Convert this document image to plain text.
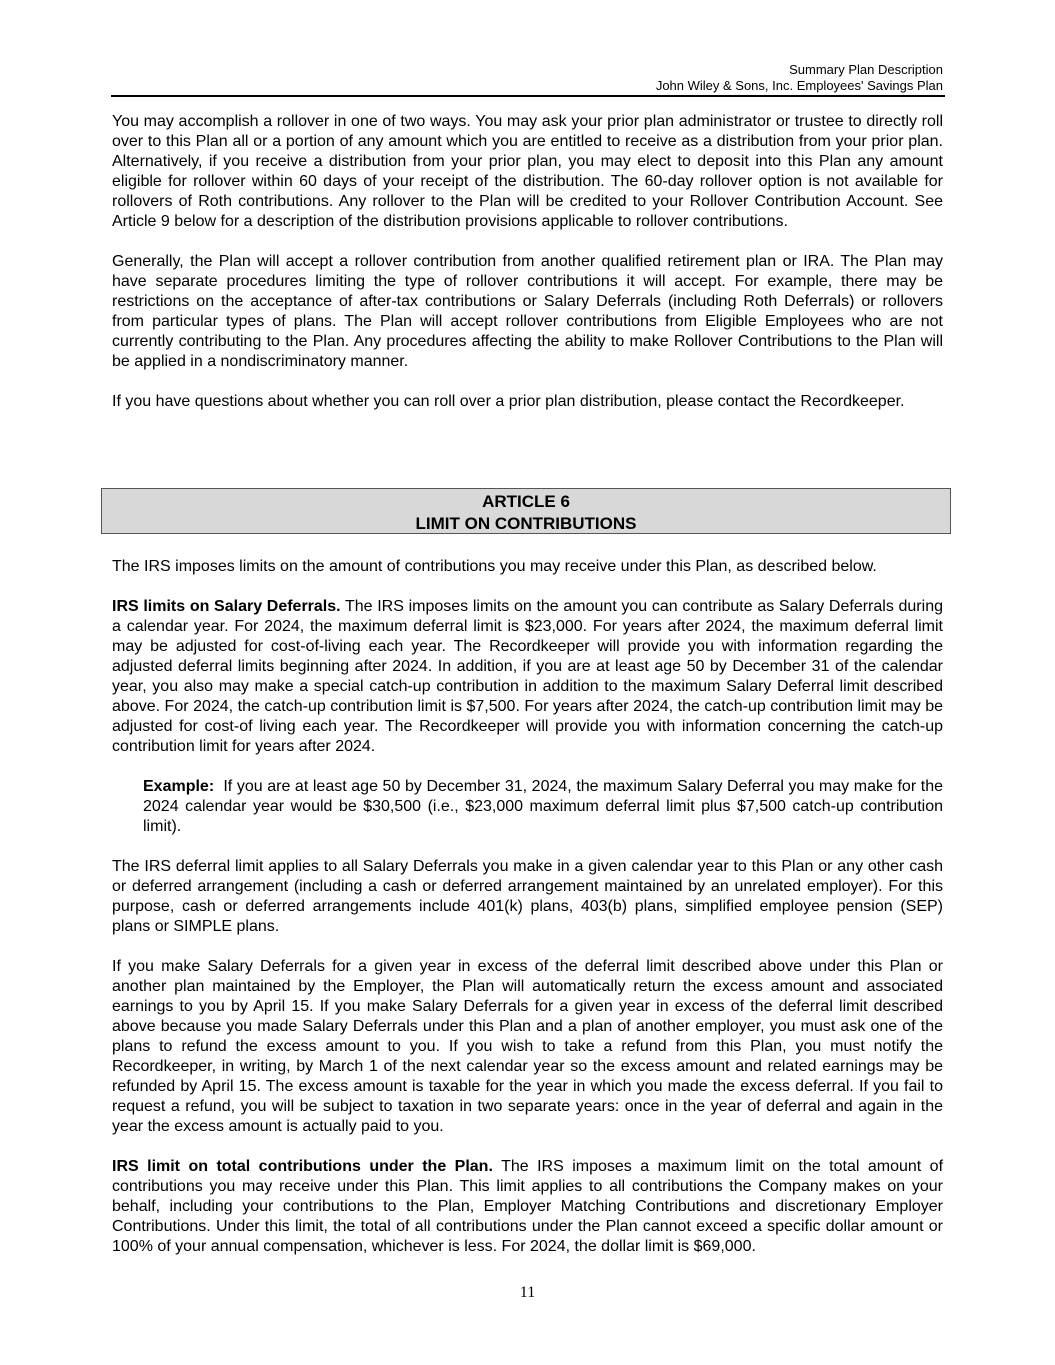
Summary Plan Description
John Wiley & Sons, Inc. Employees' Savings Plan

You may accomplish a rollover in one of two ways. You may ask your prior plan administrator or trustee to directly roll over to this Plan all or a portion of any amount which you are entitled to receive as a distribution from your prior plan. Alternatively, if you receive a distribution from your prior plan, you may elect to deposit into this Plan any amount eligible for rollover within 60 days of your receipt of the distribution. The 60-day rollover option is not available for rollovers of Roth contributions. Any rollover to the Plan will be credited to your Rollover Contribution Account. See Article 9 below for a description of the distribution provisions applicable to rollover contributions.

Generally, the Plan will accept a rollover contribution from another qualified retirement plan or IRA. The Plan may have separate procedures limiting the type of rollover contributions it will accept. For example, there may be restrictions on the acceptance of after-tax contributions or Salary Deferrals (including Roth Deferrals) or rollovers from particular types of plans. The Plan will accept rollover contributions from Eligible Employees who are not currently contributing to the Plan. Any procedures affecting the ability to make Rollover Contributions to the Plan will be applied in a nondiscriminatory manner.

If you have questions about whether you can roll over a prior plan distribution, please contact the Recordkeeper.

ARTICLE 6
LIMIT ON CONTRIBUTIONS

The IRS imposes limits on the amount of contributions you may receive under this Plan, as described below.

IRS limits on Salary Deferrals. The IRS imposes limits on the amount you can contribute as Salary Deferrals during a calendar year. For 2024, the maximum deferral limit is $23,000. For years after 2024, the maximum deferral limit may be adjusted for cost-of-living each year. The Recordkeeper will provide you with information regarding the adjusted deferral limits beginning after 2024. In addition, if you are at least age 50 by December 31 of the calendar year, you also may make a special catch-up contribution in addition to the maximum Salary Deferral limit described above. For 2024, the catch-up contribution limit is $7,500. For years after 2024, the catch-up contribution limit may be adjusted for cost-of living each year. The Recordkeeper will provide you with information concerning the catch-up contribution limit for years after 2024.

Example:  If you are at least age 50 by December 31, 2024, the maximum Salary Deferral you may make for the 2024 calendar year would be $30,500 (i.e., $23,000 maximum deferral limit plus $7,500 catch-up contribution limit).

The IRS deferral limit applies to all Salary Deferrals you make in a given calendar year to this Plan or any other cash or deferred arrangement (including a cash or deferred arrangement maintained by an unrelated employer). For this purpose, cash or deferred arrangements include 401(k) plans, 403(b) plans, simplified employee pension (SEP) plans or SIMPLE plans.

If you make Salary Deferrals for a given year in excess of the deferral limit described above under this Plan or another plan maintained by the Employer, the Plan will automatically return the excess amount and associated earnings to you by April 15. If you make Salary Deferrals for a given year in excess of the deferral limit described above because you made Salary Deferrals under this Plan and a plan of another employer, you must ask one of the plans to refund the excess amount to you. If you wish to take a refund from this Plan, you must notify the Recordkeeper, in writing, by March 1 of the next calendar year so the excess amount and related earnings may be refunded by April 15. The excess amount is taxable for the year in which you made the excess deferral. If you fail to request a refund, you will be subject to taxation in two separate years: once in the year of deferral and again in the year the excess amount is actually paid to you.

IRS limit on total contributions under the Plan. The IRS imposes a maximum limit on the total amount of contributions you may receive under this Plan. This limit applies to all contributions the Company makes on your behalf, including your contributions to the Plan, Employer Matching Contributions and discretionary Employer Contributions. Under this limit, the total of all contributions under the Plan cannot exceed a specific dollar amount or 100% of your annual compensation, whichever is less. For 2024, the dollar limit is $69,000.

11
